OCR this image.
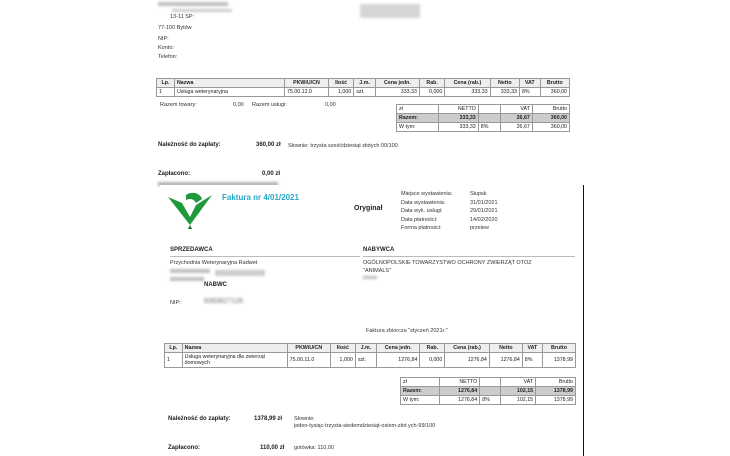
13-11 SP:
77-100 Bytów
NIP:
Konto:
Telefon:
Lp.	Nazwa	PKWiU/CN	Ilość	J.m.	Cena jedn.	Rab.	Cena (rab.)	Netto	VAT	Brutto
1	Usługa weterynaryjna	75.00.12.0	1,000	szt.	333,33	0,000	333,33	333,33	8%	360,00
Razem towary:	0,00 Razem usługi:	0,00
zł	NETTO		VAT	Brutto
Razem:	333,33		26,67	360,00
W tym:	333,33	8%	26,67	360,00
Należność do zapłaty:	360,00 zł Słownie: trzysta sześćdziesiąt złotych 00/100
Zapłacono:	0,00 zł
Faktura nr 4/01/2021
Oryginał
Miejsce wystawienia:	Słupsk
Data wystawienia:	31/01/2021
Data wyk. usługi:	29/01/2021
Data płatności:	14/02/2020
Forma płatności:	przelew
SPRZEDAWCA
Przychodnia Weterynaryjna Radwet
NABYWCA
OGÓLNOPOLSKIE TOWARZYSTWO OCHRONY ZWIERZĄT OTOZ
"ANIMALS"
NABWC
NIP:	8393627126
Faktura zbiorcza "styczeń 2021r."
Lp.	Nazwa	PKWiU/CN	Ilość	J.m.	Cena jedn.	Rab.	Cena (rab.)	Netto	VAT	Brutto
1	Usługa weterynaryjna dla zwierząt domowych	75.00.11.0	1,000	szt.	1276,84	0,000	1276,84	1276,84	8%	1378,99
zł	NETTO		VAT	Brutto
Razem:	1276,84		102,15	1378,99
W tym:	1276,84	8%	102,15	1378,99
Należność do zapłaty:	1378,99 zł Słownie:
jeden-tysiąc-trzysta-siedemdziesiąt-osiem-złot ych-99/100
Zapłacono:	110,00 zł gotówka: 110,00
